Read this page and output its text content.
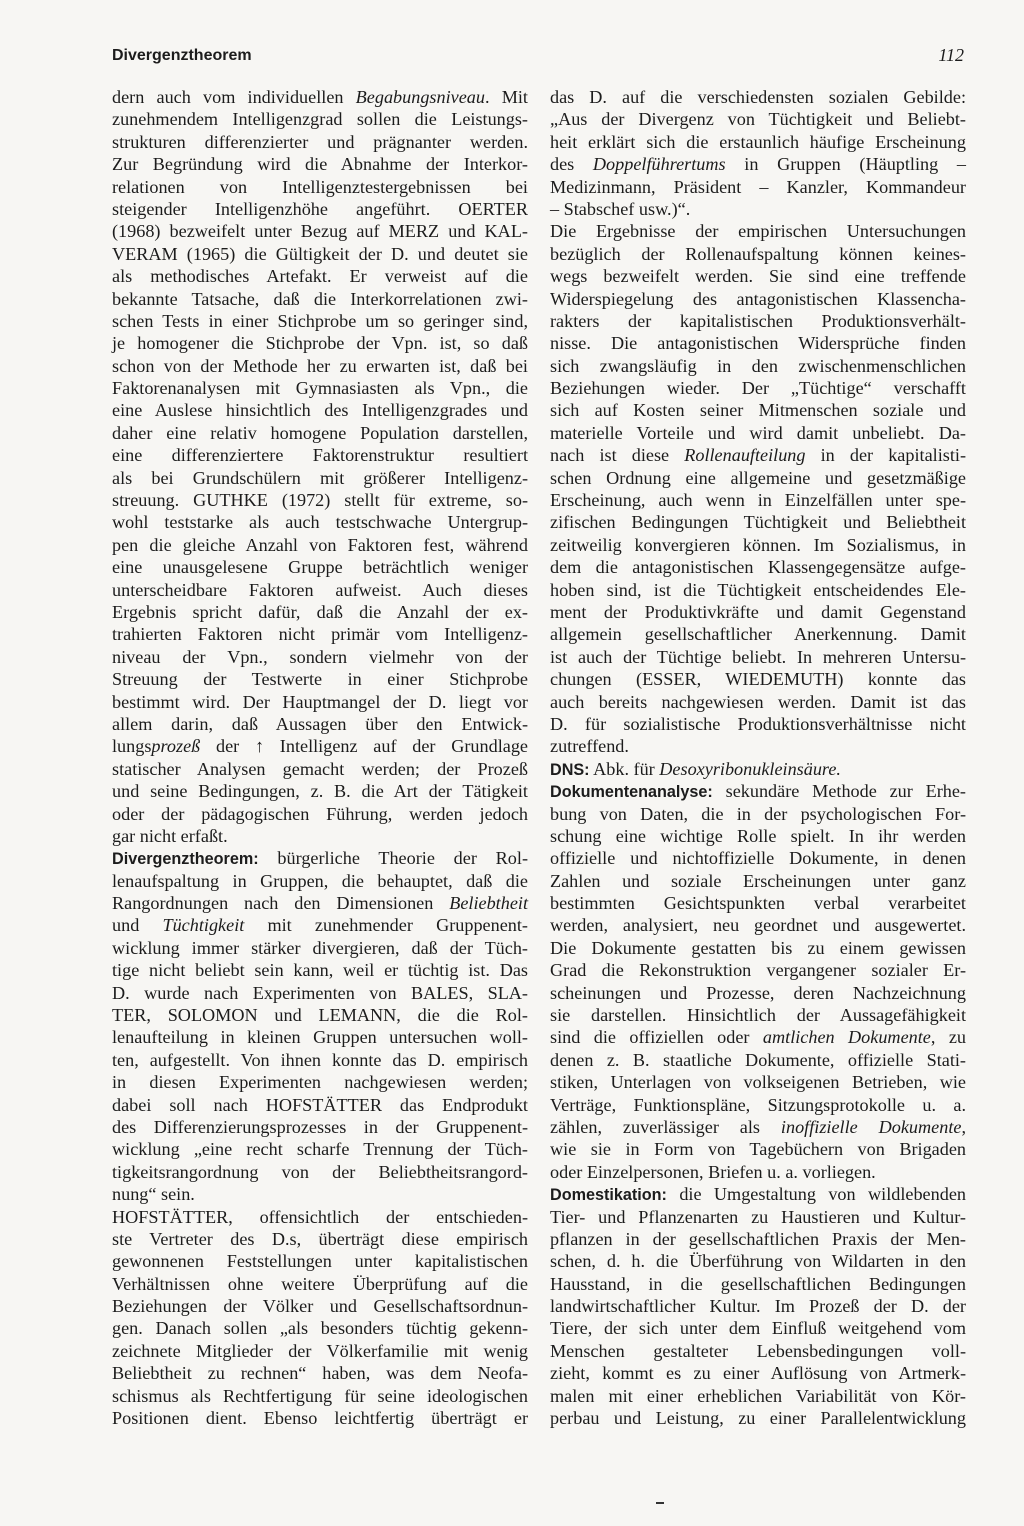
Divergenztheorem	112
dern auch vom individuellen Begabungsniveau. Mit
zunehmendem Intelligenzgrad sollen die Leistungs-
strukturen differenzierter und prägnanter werden.
Zur Begründung wird die Abnahme der Interkor-
relationen von Intelligenztestergebnissen bei
steigender Intelligenzhöhe angeführt. OERTER
(1968) bezweifelt unter Bezug auf MERZ und KAL-
VERAM (1965) die Gültigkeit der D. und deutet sie
als methodisches Artefakt. Er verweist auf die
bekannte Tatsache, daß die Interkorrelationen zwi-
schen Tests in einer Stichprobe um so geringer sind,
je homogener die Stichprobe der Vpn. ist, so daß
schon von der Methode her zu erwarten ist, daß bei
Faktorenanalysen mit Gymnasiasten als Vpn., die
eine Auslese hinsichtlich des Intelligenzgrades und
daher eine relativ homogene Population darstellen,
eine differenziertere Faktorenstruktur resultiert
als bei Grundschülern mit größerer Intelligenz-
streuung. GUTHKE (1972) stellt für extreme, so-
wohl teststarke als auch testschwache Untergrup-
pen die gleiche Anzahl von Faktoren fest, während
eine unausgelesene Gruppe beträchtlich weniger
unterscheidbare Faktoren aufweist. Auch dieses
Ergebnis spricht dafür, daß die Anzahl der ex-
trahierten Faktoren nicht primär vom Intelligenz-
niveau der Vpn., sondern vielmehr von der
Streuung der Testwerte in einer Stichprobe
bestimmt wird. Der Hauptmangel der D. liegt vor
allem darin, daß Aussagen über den Entwick-
lungsprozeß der ↑ Intelligenz auf der Grundlage
statischer Analysen gemacht werden; der Prozeß
und seine Bedingungen, z. B. die Art der Tätigkeit
oder der pädagogischen Führung, werden jedoch
gar nicht erfaßt.
Divergenztheorem: bürgerliche Theorie der Rol-
lenaufspaltung in Gruppen, die behauptet, daß die
Rangordnungen nach den Dimensionen Beliebtheit
und Tüchtigkeit mit zunehmender Gruppenent-
wicklung immer stärker divergieren, daß der Tüch-
tige nicht beliebt sein kann, weil er tüchtig ist. Das
D. wurde nach Experimenten von BALES, SLA-
TER, SOLOMON und LEMANN, die die Rol-
lenaufteilung in kleinen Gruppen untersuchen woll-
ten, aufgestellt. Von ihnen konnte das D. empirisch
in diesen Experimenten nachgewiesen werden;
dabei soll nach HOFSTÄTTER das Endprodukt
des Differenzierungsprozesses in der Gruppenent-
wicklung „eine recht scharfe Trennung der Tüch-
tigkeitsrangordnung von der Beliebtheitsrangord-
nung“ sein.
HOFSTÄTTER, offensichtlich der entschieden-
ste Vertreter des D.s, überträgt diese empirisch
gewonnenen Feststellungen unter kapitalistischen
Verhältnissen ohne weitere Überprüfung auf die
Beziehungen der Völker und Gesellschaftsordnun-
gen. Danach sollen „als besonders tüchtig gekenn-
zeichnete Mitglieder der Völkerfamilie mit wenig
Beliebtheit zu rechnen“ haben, was dem Neofa-
schismus als Rechtfertigung für seine ideologischen
Positionen dient. Ebenso leichtfertig überträgt er
das D. auf die verschiedensten sozialen Gebilde:
„Aus der Divergenz von Tüchtigkeit und Beliebt-
heit erklärt sich die erstaunlich häufige Erscheinung
des Doppelführertums in Gruppen (Häuptling –
Medizinmann, Präsident – Kanzler, Kommandeur
– Stabschef usw.)“.
Die Ergebnisse der empirischen Untersuchungen
bezüglich der Rollenaufspaltung können keines-
wegs bezweifelt werden. Sie sind eine treffende
Widerspiegelung des antagonistischen Klassencha-
rakters der kapitalistischen Produktionsverhält-
nisse. Die antagonistischen Widersprüche finden
sich zwangsläufig in den zwischenmenschlichen
Beziehungen wieder. Der „Tüchtige“ verschafft
sich auf Kosten seiner Mitmenschen soziale und
materielle Vorteile und wird damit unbeliebt. Da-
nach ist diese Rollenaufteilung in der kapitalisti-
schen Ordnung eine allgemeine und gesetzmäßige
Erscheinung, auch wenn in Einzelfällen unter spe-
zifischen Bedingungen Tüchtigkeit und Beliebtheit
zeitweilig konvergieren können. Im Sozialismus, in
dem die antagonistischen Klassengegensätze aufge-
hoben sind, ist die Tüchtigkeit entscheidendes Ele-
ment der Produktivkräfte und damit Gegenstand
allgemein gesellschaftlicher Anerkennung. Damit
ist auch der Tüchtige beliebt. In mehreren Untersu-
chungen (ESSER, WIEDEMUTH) konnte das
auch bereits nachgewiesen werden. Damit ist das
D. für sozialistische Produktionsverhältnisse nicht
zutreffend.
DNS: Abk. für Desoxyribonukleinsäure.
Dokumentenanalyse: sekundäre Methode zur Erhe-
bung von Daten, die in der psychologischen For-
schung eine wichtige Rolle spielt. In ihr werden
offizielle und nichtoffizielle Dokumente, in denen
Zahlen und soziale Erscheinungen unter ganz
bestimmten Gesichtspunkten verbal verarbeitet
werden, analysiert, neu geordnet und ausgewertet.
Die Dokumente gestatten bis zu einem gewissen
Grad die Rekonstruktion vergangener sozialer Er-
scheinungen und Prozesse, deren Nachzeichnung
sie darstellen. Hinsichtlich der Aussagefähigkeit
sind die offiziellen oder amtlichen Dokumente, zu
denen z. B. staatliche Dokumente, offizielle Stati-
stiken, Unterlagen von volkseigenen Betrieben, wie
Verträge, Funktionspläne, Sitzungsprotokolle u. a.
zählen, zuverlässiger als inoffizielle Dokumente,
wie sie in Form von Tagebüchern von Brigaden
oder Einzelpersonen, Briefen u. a. vorliegen.
Domestikation: die Umgestaltung von wildlebenden
Tier- und Pflanzenarten zu Haustieren und Kultur-
pflanzen in der gesellschaftlichen Praxis der Men-
schen, d. h. die Überführung von Wildarten in den
Hausstand, in die gesellschaftlichen Bedingungen
landwirtschaftlicher Kultur. Im Prozeß der D. der
Tiere, der sich unter dem Einfluß weitgehend vom
Menschen gestalteter Lebensbedingungen voll-
zieht, kommt es zu einer Auflösung von Artmerk-
malen mit einer erheblichen Variabilität von Kör-
perbau und Leistung, zu einer Parallelentwicklung
